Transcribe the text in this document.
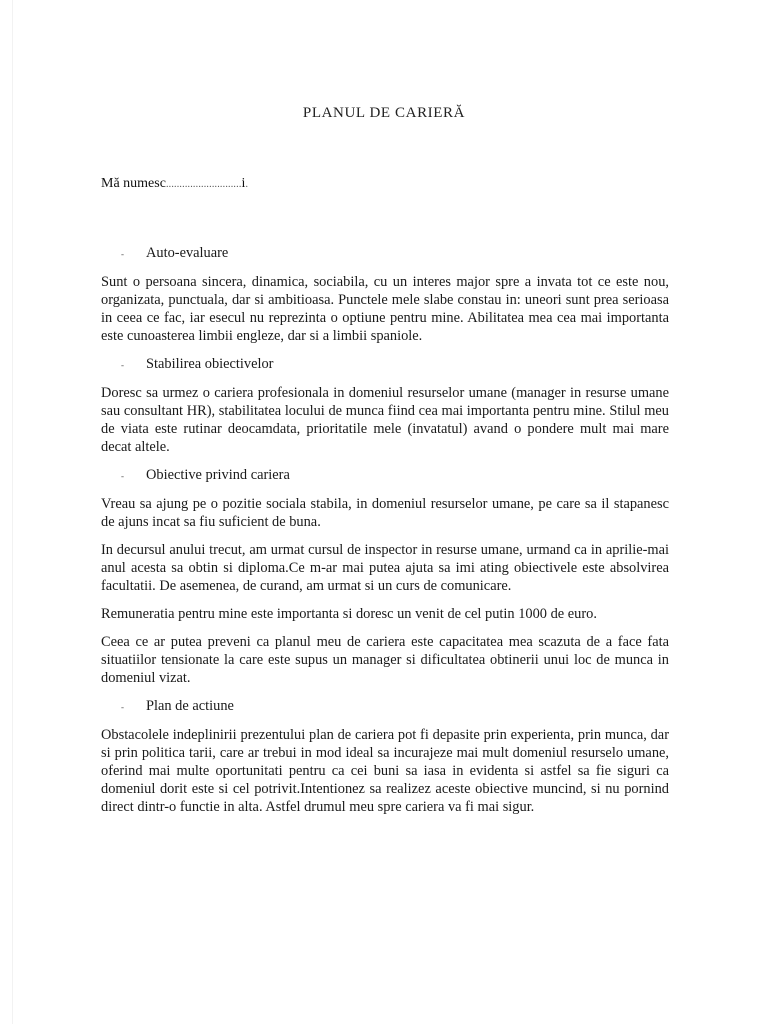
PLANUL DE CARIERĂ
Mă numesc............................i.
-	Auto-evaluare

Sunt o persoana sincera, dinamica, sociabila, cu un interes major spre a invata tot ce este nou, organizata, punctuala, dar si ambitioasa. Punctele mele slabe constau in: uneori sunt prea serioasa in ceea ce fac, iar esecul nu reprezinta o optiune pentru mine. Abilitatea mea cea mai importanta este cunoasterea limbii engleze, dar si a limbii spaniole.

-	Stabilirea obiectivelor

Doresc sa urmez o cariera profesionala in domeniul resurselor umane (manager in resurse umane sau consultant HR), stabilitatea locului de munca fiind cea mai importanta pentru mine. Stilul meu de viata este rutinar deocamdata, prioritatile mele (invatatul) avand o pondere mult mai mare decat altele.

-	Obiective privind cariera

Vreau sa ajung pe o pozitie sociala stabila, in domeniul resurselor umane, pe care sa il stapanesc de ajuns incat sa fiu suficient de buna.

In decursul anului trecut, am urmat cursul de inspector in resurse umane, urmand ca in aprilie-mai anul acesta sa obtin si diploma.Ce m-ar mai putea ajuta sa imi ating obiectivele este absolvirea facultatii. De asemenea, de curand, am urmat si un curs de comunicare.

Remuneratia pentru mine este importanta si doresc un venit de cel putin 1000 de euro.

Ceea ce ar putea preveni ca planul meu de cariera este capacitatea mea scazuta de a face fata situatiilor tensionate la care este supus un manager si dificultatea obtinerii unui loc de munca in domeniul vizat.

-	Plan de actiune

Obstacolele indeplinirii prezentului plan de cariera pot fi depasite prin experienta, prin munca, dar si prin politica tarii, care ar trebui in mod ideal sa incurajeze mai mult domeniul resurselo umane, oferind mai multe oportunitati pentru ca cei buni sa iasa in evidenta si astfel sa fie siguri ca domeniul dorit este si cel potrivit.Intentionez sa realizez aceste obiective muncind, si nu pornind direct dintr-o functie in alta. Astfel drumul meu spre cariera va fi mai sigur.
